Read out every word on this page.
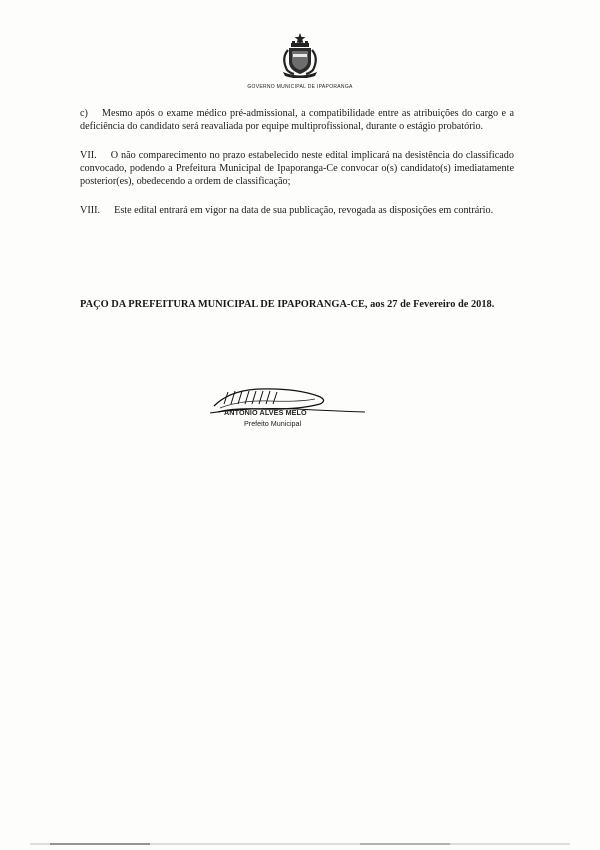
GOVERNO MUNICIPAL DE IPAPORANGA

c) Mesmo após o exame médico pré-admissional, a compatibilidade entre as atribuições do cargo e a deficiência do candidato será reavaliada por equipe multiprofissional, durante o estágio probatório.

VII. O não comparecimento no prazo estabelecido neste edital implicará na desistência do classificado convocado, podendo a Prefeitura Municipal de Ipaporanga-Ce convocar o(s) candidato(s) imediatamente posterior(es), obedecendo a ordem de classificação;

VIII. Este edital entrará em vigor na data de sua publicação, revogada as disposições em contrário.

PAÇO DA PREFEITURA MUNICIPAL DE IPAPORANGA-CE, aos 27 de Fevereiro de 2018.
ANTONIO ALVES MELO
Prefeito Municipal
